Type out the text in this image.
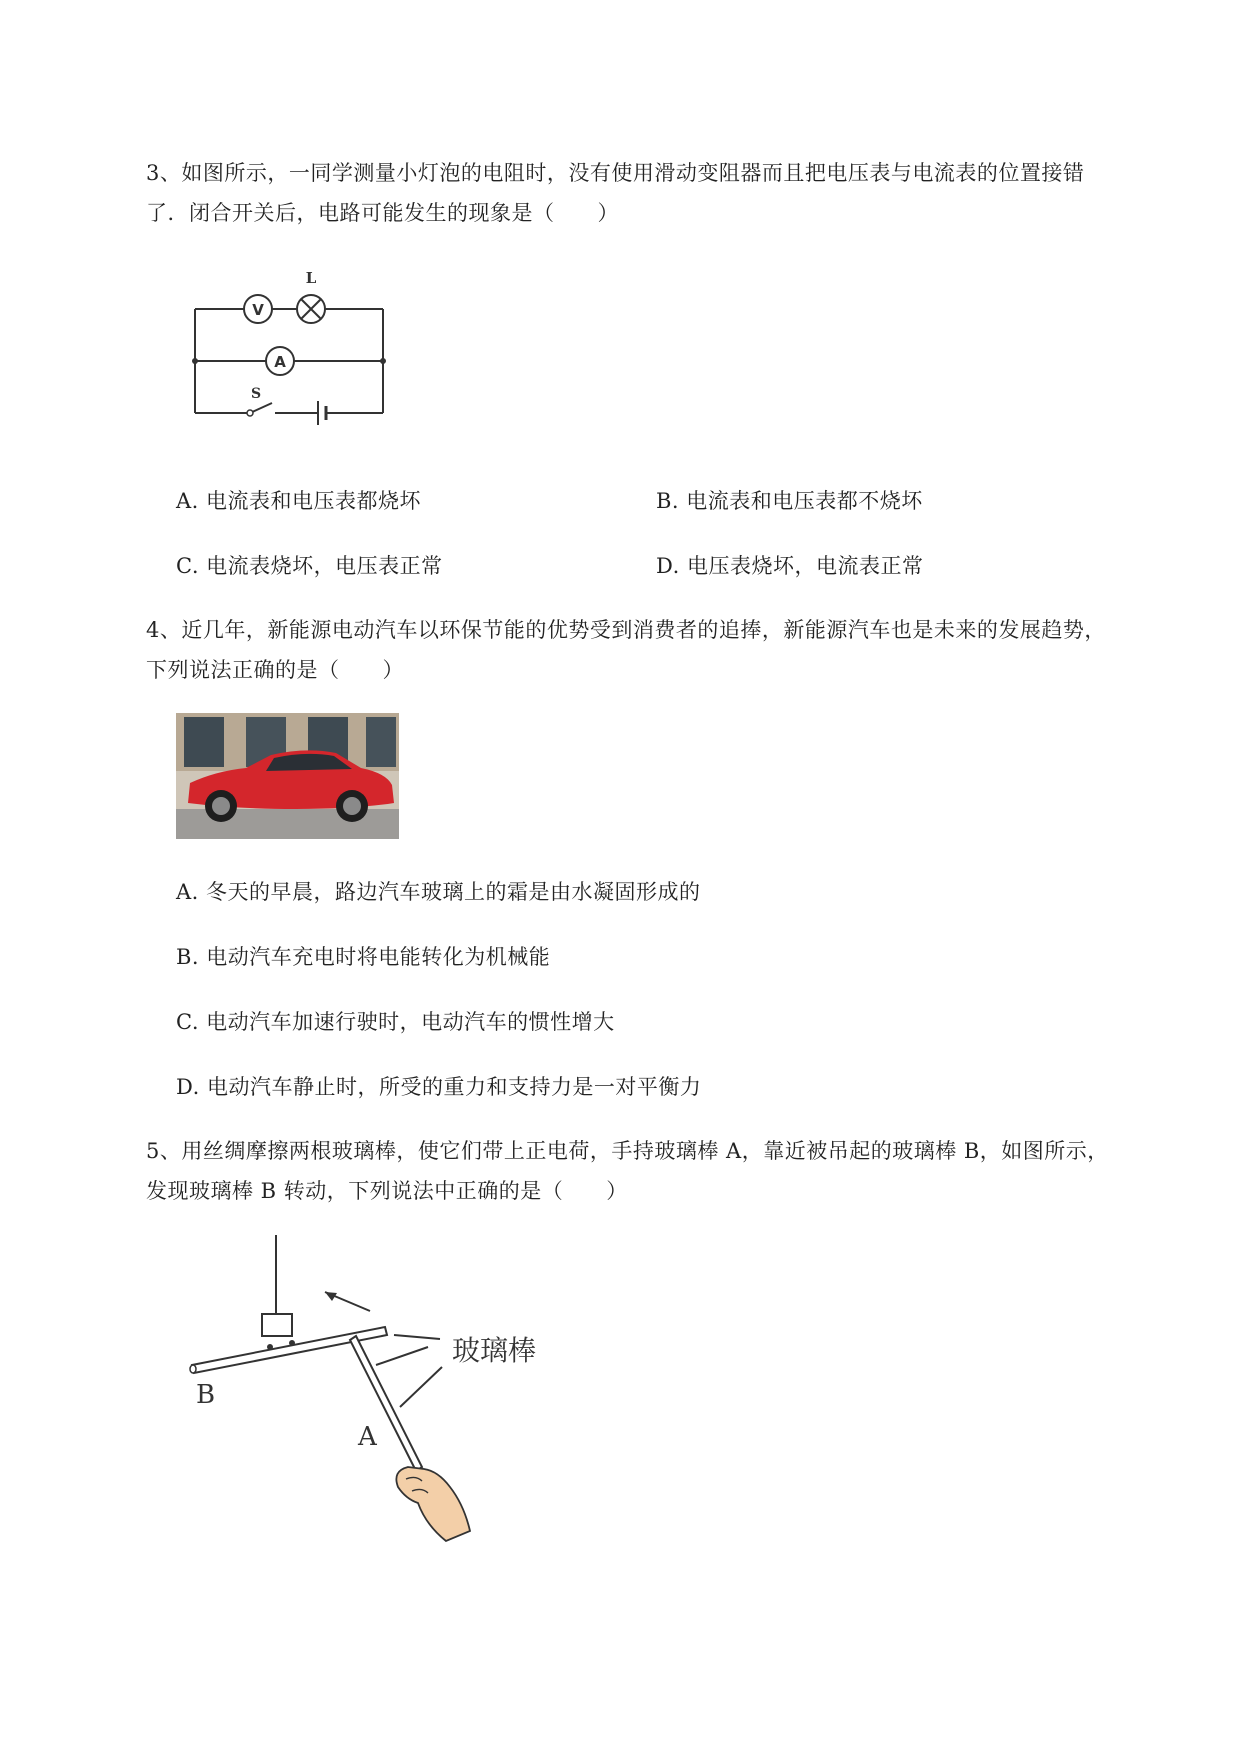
3、如图所示，一同学测量小灯泡的电阻时，没有使用滑动变阻器而且把电压表与电流表的位置接错
了．闭合开关后，电路可能发生的现象是（　　）
V
A
L
S
A. 电流表和电压表都烧坏	B. 电流表和电压表都不烧坏
C. 电流表烧坏，电压表正常	D. 电压表烧坏，电流表正常
4、近几年，新能源电动汽车以环保节能的优势受到消费者的追捧，新能源汽车也是未来的发展趋势，
下列说法正确的是（　　）
A. 冬天的早晨，路边汽车玻璃上的霜是由水凝固形成的
B. 电动汽车充电时将电能转化为机械能
C. 电动汽车加速行驶时，电动汽车的惯性增大
D. 电动汽车静止时，所受的重力和支持力是一对平衡力
5、用丝绸摩擦两根玻璃棒，使它们带上正电荷，手持玻璃棒 A，靠近被吊起的玻璃棒 B，如图所示，
发现玻璃棒 B 转动，下列说法中正确的是（　　）
玻璃棒
B
A
